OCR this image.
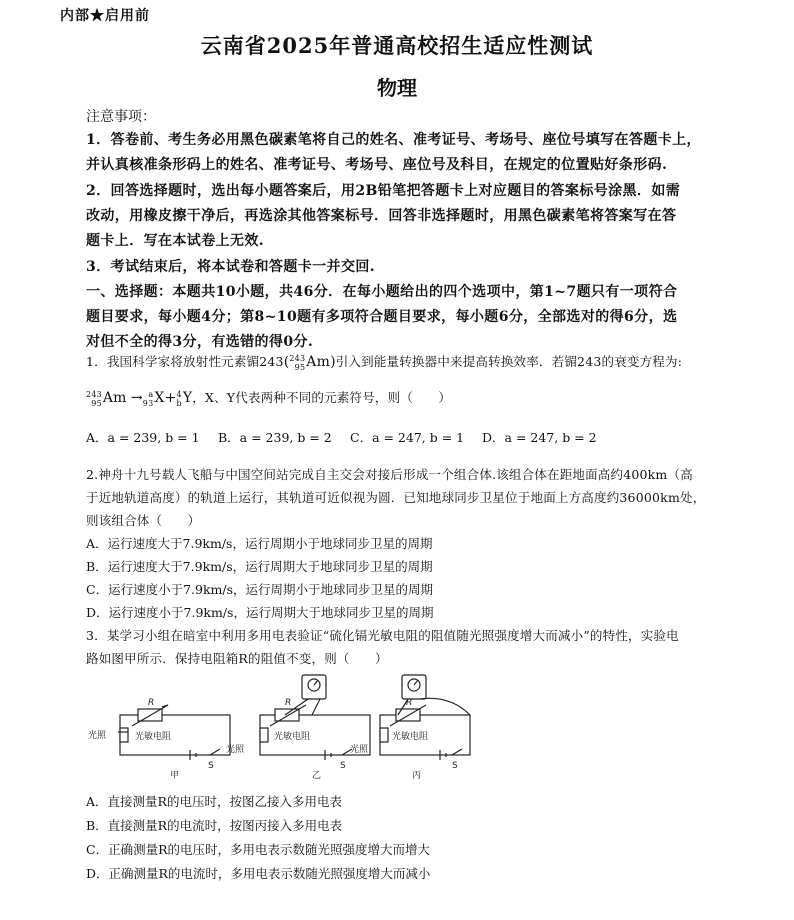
内部★启用前
云南省2025年普通高校招生适应性测试
物理
注意事项：
1．答卷前、考生务必用黑色碳素笔将自己的姓名、准考证号、考场号、座位号填写在答题卡上，
并认真核准条形码上的姓名、准考证号、考场号、座位号及科目，在规定的位置贴好条形码.
2．回答选择题时，选出每小题答案后，用2B铅笔把答题卡上对应题目的答案标号涂黑．如需
改动，用橡皮擦干净后，再选涂其他答案标号．回答非选择题时，用黑色碳素笔将答案写在答
题卡上．写在本试卷上无效.
3．考试结束后，将本试卷和答题卡一并交回.
一、选择题：本题共10小题，共46分．在每小题给出的四个选项中，第1~7题只有一项符合
题目要求，每小题4分；第8~10题有多项符合题目要求，每小题6分，全部选对的得6分，选
对但不全的得3分，有选错的得0分.
1．我国科学家将放射性元素镅243( 243
95 Am)引入到能量转换器中来提高转换效率．若镅243的衰变方程为:
243
95 Am → a
93 X+ 4
b Y，X、Y代表两种不同的元素符号，则（　　）
A．a = 239, b = 1 B．a = 239, b = 2 C．a = 247, b = 1 D．a = 247, b = 2
2.神舟十九号载人飞船与中国空间站完成自主交会对接后形成一个组合体.该组合体在距地面高约400km（高
于近地轨道高度）的轨道上运行，其轨道可近似视为圆．已知地球同步卫星位于地面上方高度约36000km处，
则该组合体（　　）
A．运行速度大于7.9km/s，运行周期小于地球同步卫星的周期
B．运行速度大于7.9km/s，运行周期大于地球同步卫星的周期
C．运行速度小于7.9km/s，运行周期小于地球同步卫星的周期
D．运行速度小于7.9km/s，运行周期大于地球同步卫星的周期
3．某学习小组在暗室中利用多用电表验证“硫化镉光敏电阻的阻值随光照强度增大而减小”的特性，实验电
路如图甲所示．保持电阻箱R的阻值不变，则（　　）
光照	光敏电阻
R
S
甲
光照
光敏电阻
R
S
乙
光照
光敏电阻
R
S
丙
A．直接测量R的电压时，按图乙接入多用电表
B．直接测量R的电流时，按图丙接入多用电表
C．正确测量R的电压时，多用电表示数随光照强度增大而增大
D．正确测量R的电流时，多用电表示数随光照强度增大而减小
